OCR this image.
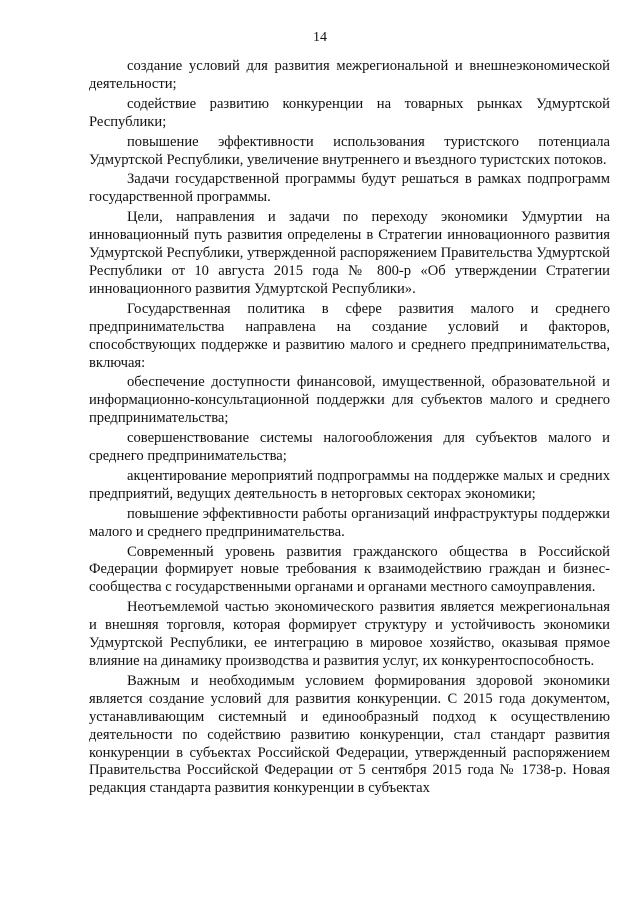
14

создание условий для развития межрегиональной и внешнеэкономической деятельности;

содействие развитию конкуренции на товарных рынках Удмуртской Республики;

повышение эффективности использования туристского потенциала Удмуртской Республики, увеличение внутреннего и въездного туристских потоков.

Задачи государственной программы будут решаться в рамках подпрограмм государственной программы.

Цели, направления и задачи по переходу экономики Удмуртии на инновационный путь развития определены в Стратегии инновационного развития Удмуртской Республики, утвержденной распоряжением Правительства Удмуртской Республики от 10 августа 2015 года № 800-р «Об утверждении Стратегии инновационного развития Удмуртской Республики».

Государственная политика в сфере развития малого и среднего предпринимательства направлена на создание условий и факторов, способствующих поддержке и развитию малого и среднего предпринимательства, включая:

обеспечение доступности финансовой, имущественной, образовательной и информационно-консультационной поддержки для субъектов малого и среднего предпринимательства;

совершенствование системы налогообложения для субъектов малого и среднего предпринимательства;

акцентирование мероприятий подпрограммы на поддержке малых и средних предприятий, ведущих деятельность в неторговых секторах экономики;

повышение эффективности работы организаций инфраструктуры поддержки малого и среднего предпринимательства.

Современный уровень развития гражданского общества в Российской Федерации формирует новые требования к взаимодействию граждан и бизнес-сообщества с государственными органами и органами местного самоуправления.

Неотъемлемой частью экономического развития является межрегиональная и внешняя торговля, которая формирует структуру и устойчивость экономики Удмуртской Республики, ее интеграцию в мировое хозяйство, оказывая прямое влияние на динамику производства и развития услуг, их конкурентоспособность.

Важным и необходимым условием формирования здоровой экономики является создание условий для развития конкуренции. С 2015 года документом, устанавливающим системный и единообразный подход к осуществлению деятельности по содействию развитию конкуренции, стал стандарт развития конкуренции в субъектах Российской Федерации, утвержденный распоряжением Правительства Российской Федерации от 5 сентября 2015 года № 1738-р. Новая редакция стандарта развития конкуренции в субъектах
